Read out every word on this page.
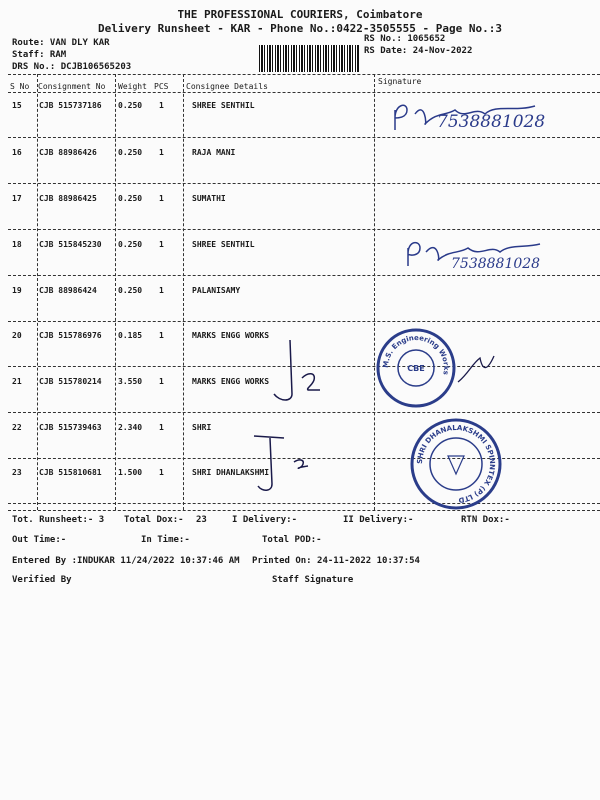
THE PROFESSIONAL COURIERS, Coimbatore
Delivery Runsheet - KAR - Phone No.:0422-3505555 - Page No.:3
Route: VAN DLY KAR
Staff: RAM
DRS No.: DCJB106565203
RS No.: 1065652
RS Date: 24-Nov-2022
S No Consignment No Weight PCS Consignee Details
Signature
15 CJB 515737186 0.250 1	SHREE SENTHIL
16 CJB 88986426	0.250 1	RAJA MANI
17 CJB 88986425	0.250 1	SUMATHI
18 CJB 515845230 0.250 1	SHREE SENTHIL
19 CJB 88986424	0.250 1	PALANISAMY
20 CJB 515786976 0.185 1	MARKS ENGG WORKS
21 CJB 515780214 3.550 1	MARKS ENGG WORKS
22 CJB 515739463 2.340 1	SHRI
23 CJB 515810681 1.500 1	SHRI DHANLAKSHMI
7538881028
7538881028
M.S. Engineering Works
CBE
SHRI DHANALAKSHMI SPINNTEX (P) LTD
Tot. Runsheet:- 3 Total Dox:- 23	I Delivery:-	II Delivery:-	RTN Dox:-
Out Time:-	In Time:-	Total POD:-
Entered By :INDUKAR 11/24/2022 10:37:46 AM Printed On: 24-11-2022 10:37:54
Verified By	Staff Signature
